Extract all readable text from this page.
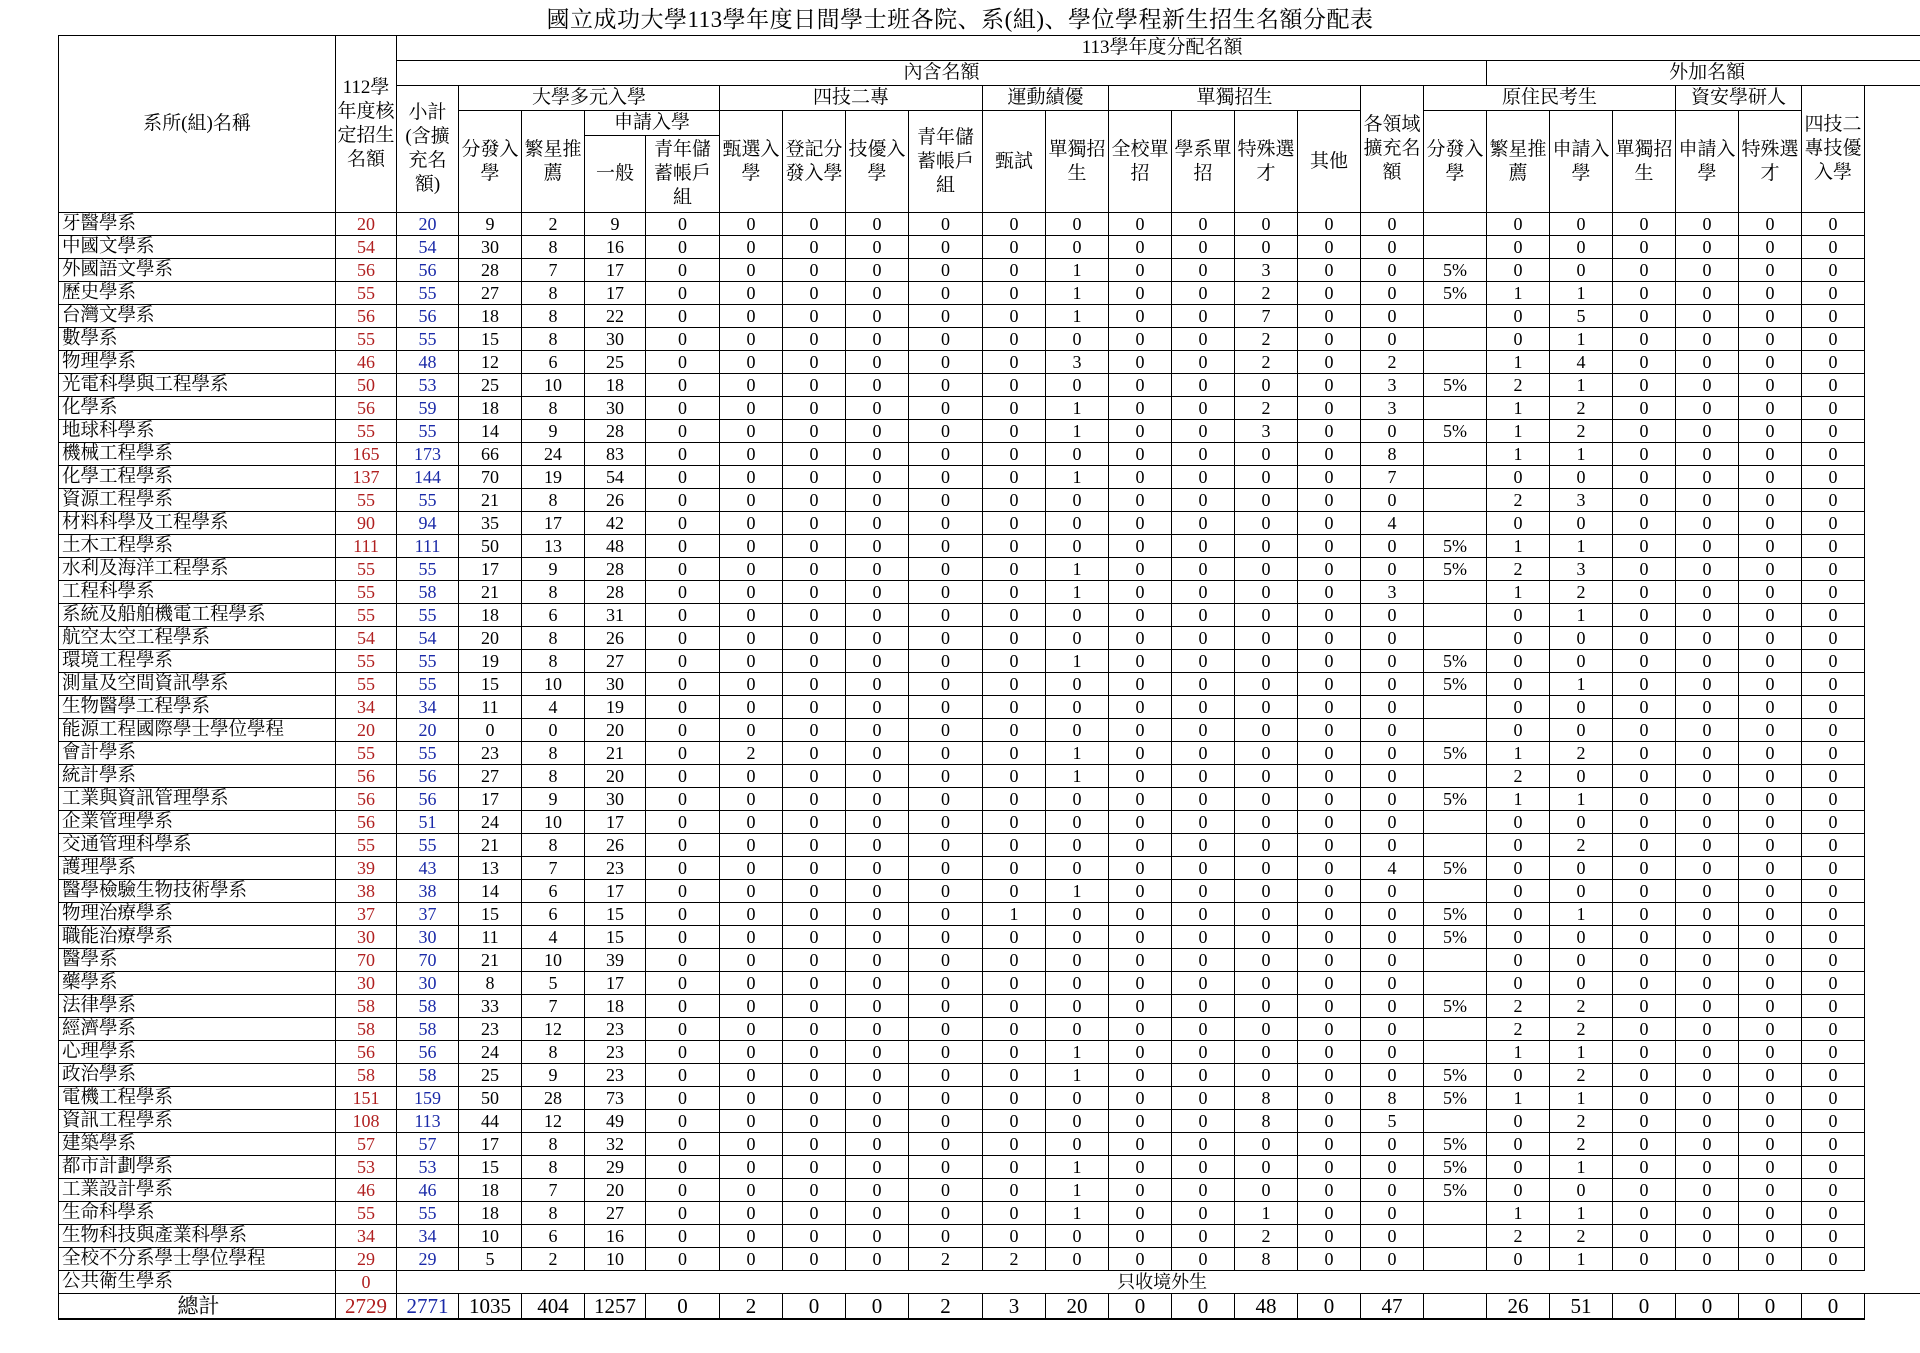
國立成功大學113學年度日間學士班各院、系(組)、學位學程新生招生名額分配表
系所(組)名稱	112學年度核定招生名額	113學年度分配名額																						
		內含名額																	外加名額					
		小計(含擴充名額)	大學多元入學				四技二專				運動績優		單獨招生				各領域擴充名額	原住民考生				資安學研人		四技二專技優入學
			分發入學	繁星推薦	申請入學		甄選入學	登記分發入學	技優入學	青年儲蓄帳戶組	甄試	單獨招生	全校單招	學系單招	特殊選才	其他		分發入學	繁星推薦	申請入學	單獨招生	申請入學	特殊選才	
					一般	青年儲蓄帳戶組																		
牙醫學系	20	20	9	2	9	0	0	0	0	0	0	0	0	0	0	0	0		0	0	0	0	0	0
中國文學系	54	54	30	8	16	0	0	0	0	0	0	0	0	0	0	0	0		0	0	0	0	0	0
外國語文學系	56	56	28	7	17	0	0	0	0	0	0	1	0	0	3	0	0	5%	0	0	0	0	0	0
歷史學系	55	55	27	8	17	0	0	0	0	0	0	1	0	0	2	0	0	5%	1	1	0	0	0	0
台灣文學系	56	56	18	8	22	0	0	0	0	0	0	1	0	0	7	0	0		0	5	0	0	0	0
數學系	55	55	15	8	30	0	0	0	0	0	0	0	0	0	2	0	0		0	1	0	0	0	0
物理學系	46	48	12	6	25	0	0	0	0	0	0	3	0	0	2	0	2		1	4	0	0	0	0
光電科學與工程學系	50	53	25	10	18	0	0	0	0	0	0	0	0	0	0	0	3	5%	2	1	0	0	0	0
化學系	56	59	18	8	30	0	0	0	0	0	0	1	0	0	2	0	3		1	2	0	0	0	0
地球科學系	55	55	14	9	28	0	0	0	0	0	0	1	0	0	3	0	0	5%	1	2	0	0	0	0
機械工程學系	165	173	66	24	83	0	0	0	0	0	0	0	0	0	0	0	8		1	1	0	0	0	0
化學工程學系	137	144	70	19	54	0	0	0	0	0	0	1	0	0	0	0	7		0	0	0	0	0	0
資源工程學系	55	55	21	8	26	0	0	0	0	0	0	0	0	0	0	0	0		2	3	0	0	0	0
材料科學及工程學系	90	94	35	17	42	0	0	0	0	0	0	0	0	0	0	0	4		0	0	0	0	0	0
土木工程學系	111	111	50	13	48	0	0	0	0	0	0	0	0	0	0	0	0	5%	1	1	0	0	0	0
水利及海洋工程學系	55	55	17	9	28	0	0	0	0	0	0	1	0	0	0	0	0	5%	2	3	0	0	0	0
工程科學系	55	58	21	8	28	0	0	0	0	0	0	1	0	0	0	0	3		1	2	0	0	0	0
系統及船舶機電工程學系	55	55	18	6	31	0	0	0	0	0	0	0	0	0	0	0	0		0	1	0	0	0	0
航空太空工程學系	54	54	20	8	26	0	0	0	0	0	0	0	0	0	0	0	0		0	0	0	0	0	0
環境工程學系	55	55	19	8	27	0	0	0	0	0	0	1	0	0	0	0	0	5%	0	0	0	0	0	0
測量及空間資訊學系	55	55	15	10	30	0	0	0	0	0	0	0	0	0	0	0	0	5%	0	1	0	0	0	0
生物醫學工程學系	34	34	11	4	19	0	0	0	0	0	0	0	0	0	0	0	0		0	0	0	0	0	0
能源工程國際學士學位學程	20	20	0	0	20	0	0	0	0	0	0	0	0	0	0	0	0		0	0	0	0	0	0
會計學系	55	55	23	8	21	0	2	0	0	0	0	1	0	0	0	0	0	5%	1	2	0	0	0	0
統計學系	56	56	27	8	20	0	0	0	0	0	0	1	0	0	0	0	0		2	0	0	0	0	0
工業與資訊管理學系	56	56	17	9	30	0	0	0	0	0	0	0	0	0	0	0	0	5%	1	1	0	0	0	0
企業管理學系	56	51	24	10	17	0	0	0	0	0	0	0	0	0	0	0	0		0	0	0	0	0	0
交通管理科學系	55	55	21	8	26	0	0	0	0	0	0	0	0	0	0	0	0		0	2	0	0	0	0
護理學系	39	43	13	7	23	0	0	0	0	0	0	0	0	0	0	0	4	5%	0	0	0	0	0	0
醫學檢驗生物技術學系	38	38	14	6	17	0	0	0	0	0	0	1	0	0	0	0	0		0	0	0	0	0	0
物理治療學系	37	37	15	6	15	0	0	0	0	0	1	0	0	0	0	0	0	5%	0	1	0	0	0	0
職能治療學系	30	30	11	4	15	0	0	0	0	0	0	0	0	0	0	0	0	5%	0	0	0	0	0	0
醫學系	70	70	21	10	39	0	0	0	0	0	0	0	0	0	0	0	0		0	0	0	0	0	0
藥學系	30	30	8	5	17	0	0	0	0	0	0	0	0	0	0	0	0		0	0	0	0	0	0
法律學系	58	58	33	7	18	0	0	0	0	0	0	0	0	0	0	0	0	5%	2	2	0	0	0	0
經濟學系	58	58	23	12	23	0	0	0	0	0	0	0	0	0	0	0	0		2	2	0	0	0	0
心理學系	56	56	24	8	23	0	0	0	0	0	0	1	0	0	0	0	0		1	1	0	0	0	0
政治學系	58	58	25	9	23	0	0	0	0	0	0	1	0	0	0	0	0	5%	0	2	0	0	0	0
電機工程學系	151	159	50	28	73	0	0	0	0	0	0	0	0	0	8	0	8	5%	1	1	0	0	0	0
資訊工程學系	108	113	44	12	49	0	0	0	0	0	0	0	0	0	8	0	5		0	2	0	0	0	0
建築學系	57	57	17	8	32	0	0	0	0	0	0	0	0	0	0	0	0	5%	0	2	0	0	0	0
都市計劃學系	53	53	15	8	29	0	0	0	0	0	0	1	0	0	0	0	0	5%	0	1	0	0	0	0
工業設計學系	46	46	18	7	20	0	0	0	0	0	0	1	0	0	0	0	0	5%	0	0	0	0	0	0
生命科學系	55	55	18	8	27	0	0	0	0	0	0	1	0	0	1	0	0		1	1	0	0	0	0
生物科技與產業科學系	34	34	10	6	16	0	0	0	0	0	0	0	0	0	2	0	0		2	2	0	0	0	0
全校不分系學士學位學程	29	29	5	2	10	0	0	0	0	2	2	0	0	0	8	0	0		0	1	0	0	0	0
公共衛生學系	0	只收境外生																						
總計	2729	2771	1035	404	1257	0	2	0	0	2	3	20	0	0	48	0	47		26	51	0	0	0	0
